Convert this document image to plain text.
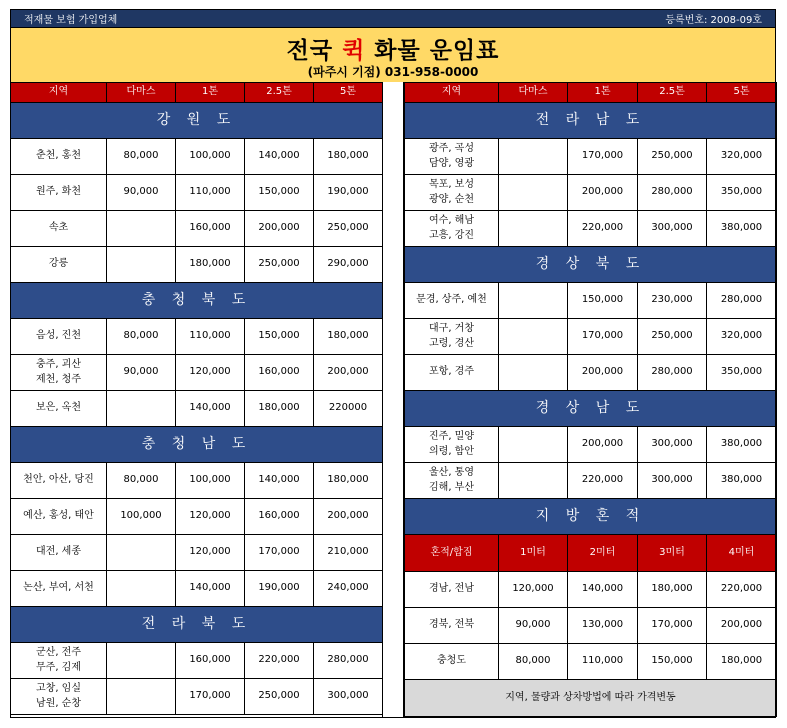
적재물 보험 가입업체	등록번호: 2008-09호
전국 퀵 화물 운임표
(파주시 기점) 031-958-0000
지역	다마스	1톤	2.5톤	5톤
강 원 도				
춘천, 홍천	80,000	100,000	140,000	180,000
원주, 화천	90,000	110,000	150,000	190,000
속초		160,000	200,000	250,000
강릉		180,000	250,000	290,000
충 청 북 도				
음성, 진천	80,000	110,000	150,000	180,000
충주, 괴산
제천, 청주	90,000	120,000	160,000	200,000
보은, 옥천		140,000	180,000	220000
충 청 남 도				
천안, 아산, 당진	80,000	100,000	140,000	180,000
예산, 홍성, 태안	100,000	120,000	160,000	200,000
대전, 세종		120,000	170,000	210,000
논산, 부여, 서천		140,000	190,000	240,000
전 라 북 도				
군산, 전주
무주, 김제		160,000	220,000	280,000
고창, 임실
남원, 순창		170,000	250,000	300,000
지역	다마스	1톤	2.5톤	5톤
전 라 남 도				
광주, 곡성
담양, 영광		170,000	250,000	320,000
목포, 보성
광양, 순천		200,000	280,000	350,000
여수, 해남
고흥, 강진		220,000	300,000	380,000
경 상 북 도				
문경, 상주, 예천		150,000	230,000	280,000
대구, 거창
고령, 경산		170,000	250,000	320,000
포항, 경주		200,000	280,000	350,000
경 상 남 도				
진주, 밀양
의령, 함안		200,000	300,000	380,000
울산, 통영
김해, 부산		220,000	300,000	380,000
지 방 혼 적				
혼적/합짐	1미터	2미터	3미터	4미터
경남, 전남	120,000	140,000	180,000	220,000
경북, 전북	90,000	130,000	170,000	200,000
충청도	80,000	110,000	150,000	180,000
지역, 물량과 상차방법에 따라 가격변동				
